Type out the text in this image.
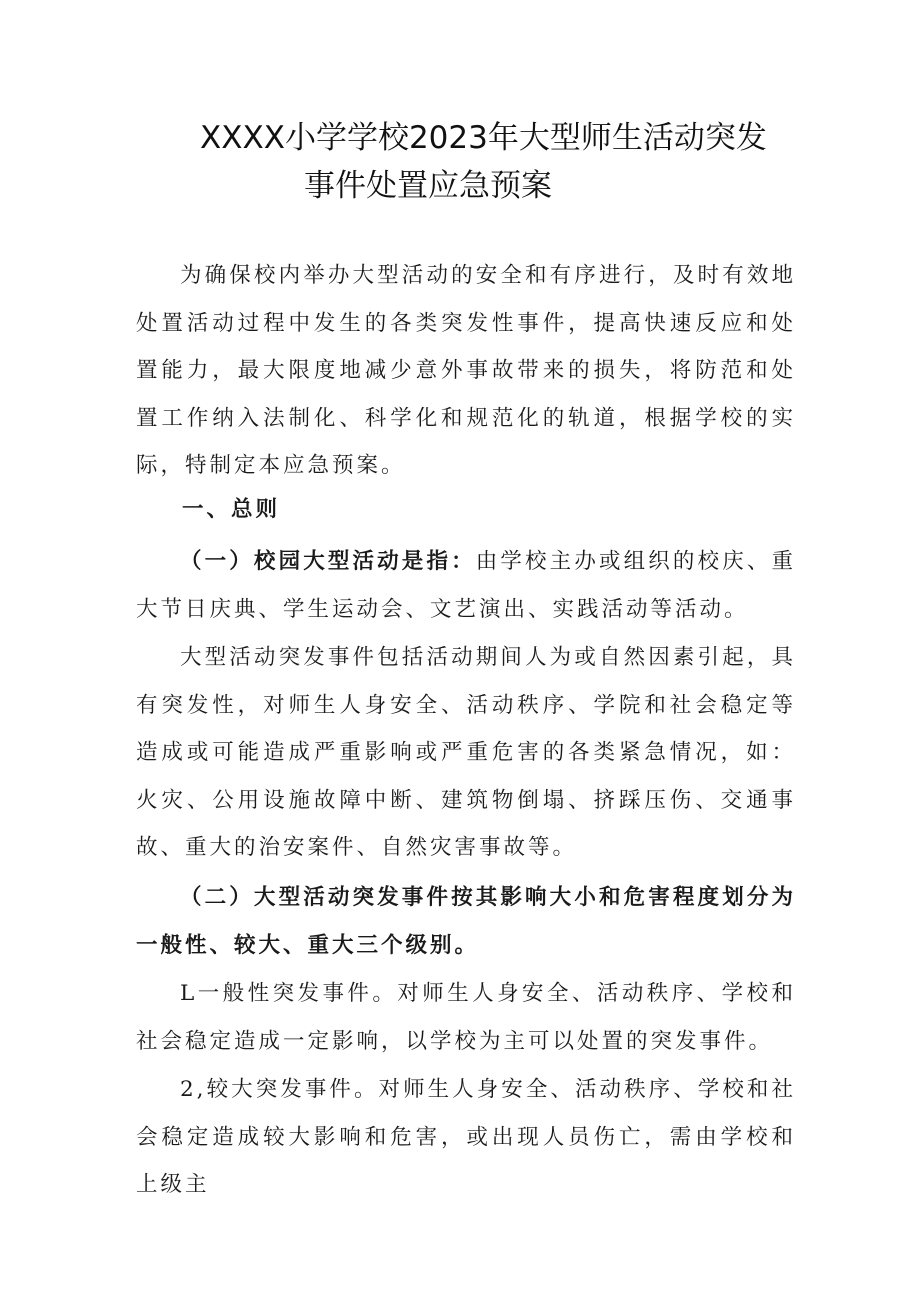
XXXX小学学校2023年大型师生活动突发
事件处置应急预案

为确保校内举办大型活动的安全和有序进行，及时有效地处置活动过程中发生的各类突发性事件，提高快速反应和处置能力，最大限度地减少意外事故带来的损失，将防范和处置工作纳入法制化、科学化和规范化的轨道，根据学校的实际，特制定本应急预案。

一、总则

（一）校园大型活动是指：由学校主办或组织的校庆、重大节日庆典、学生运动会、文艺演出、实践活动等活动。

大型活动突发事件包括活动期间人为或自然因素引起，具有突发性，对师生人身安全、活动秩序、学院和社会稳定等造成或可能造成严重影响或严重危害的各类紧急情况，如：火灾、公用设施故障中断、建筑物倒塌、挤踩压伤、交通事故、重大的治安案件、自然灾害事故等。

（二）大型活动突发事件按其影响大小和危害程度划分为一般性、较大、重大三个级别。

L一般性突发事件。对师生人身安全、活动秩序、学校和社会稳定造成一定影响，以学校为主可以处置的突发事件。

2,较大突发事件。对师生人身安全、活动秩序、学校和社会稳定造成较大影响和危害，或出现人员伤亡，需由学校和上级主
